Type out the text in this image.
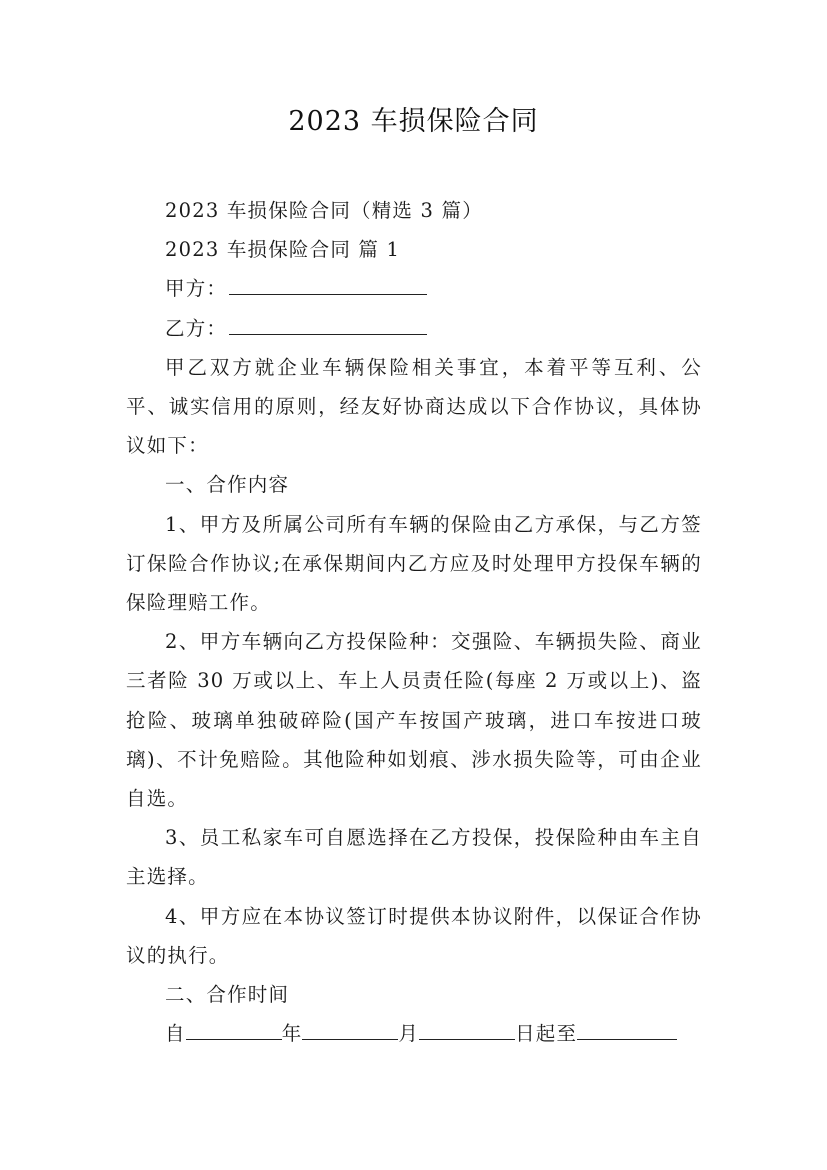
2023 车损保险合同

2023 车损保险合同（精选 3 篇）

2023 车损保险合同 篇 1

甲方：
乙方：

甲乙双方就企业车辆保险相关事宜，本着平等互利、公平、诚实信用的原则，经友好协商达成以下合作协议，具体协议如下：

一、合作内容

1、甲方及所属公司所有车辆的保险由乙方承保，与乙方签订保险合作协议;在承保期间内乙方应及时处理甲方投保车辆的保险理赔工作。

2、甲方车辆向乙方投保险种：交强险、车辆损失险、商业三者险 30 万或以上、车上人员责任险(每座 2 万或以上)、盗抢险、玻璃单独破碎险(国产车按国产玻璃，进口车按进口玻璃)、不计免赔险。其他险种如划痕、涉水损失险等，可由企业自选。

3、员工私家车可自愿选择在乙方投保，投保险种由车主自主选择。

4、甲方应在本协议签订时提供本协议附件，以保证合作协议的执行。

二、合作时间

自	年	月	日起至
